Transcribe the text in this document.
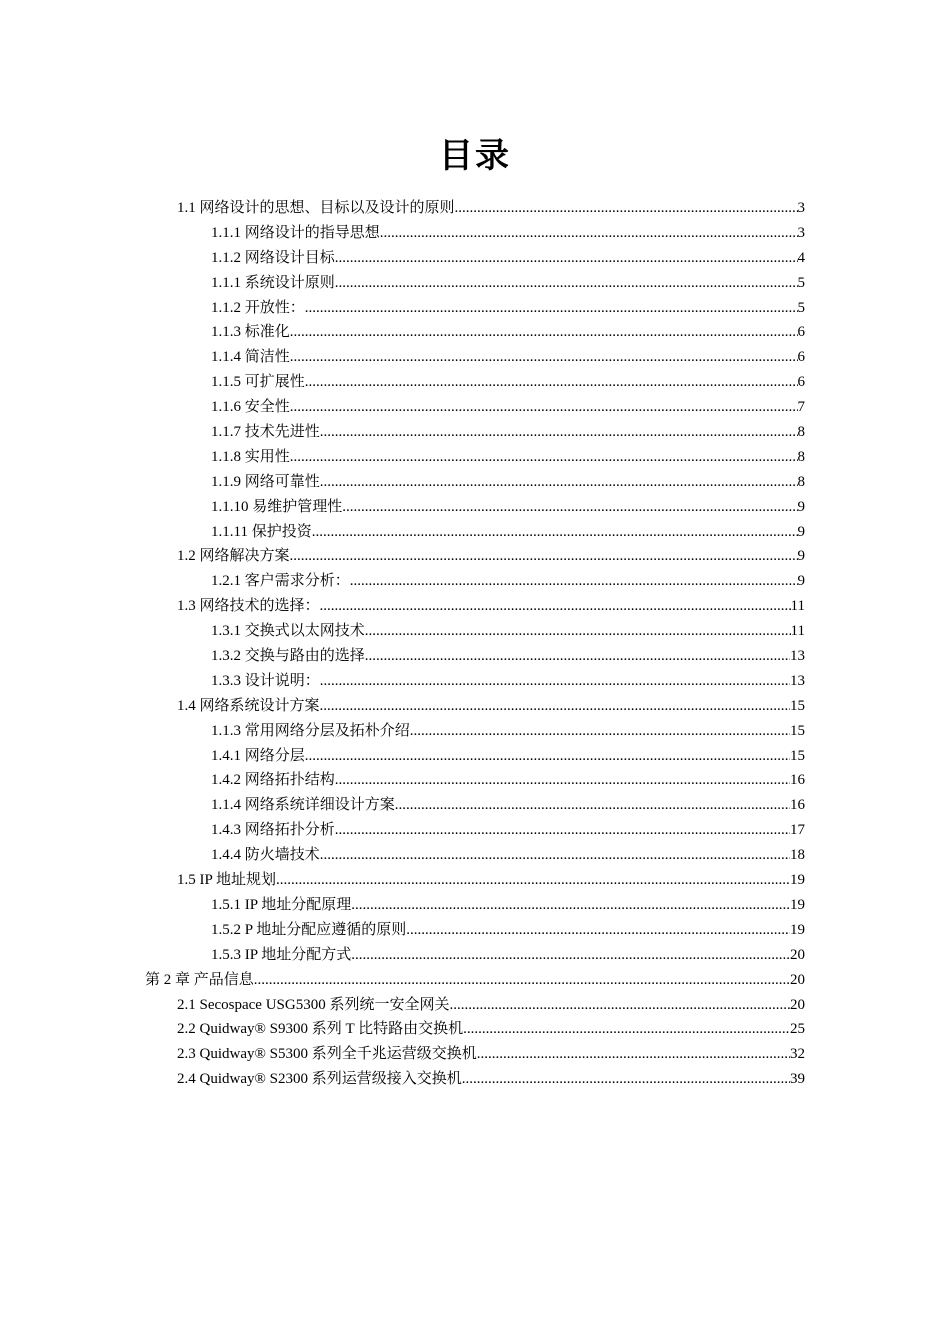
目录
1.1 网络设计的思想、目标以及设计的原则 .....	3
1.1.1 网络设计的指导思想 .....	3
1.1.2 网络设计目标 .....	4
1.1.1 系统设计原则 .....	5
1.1.2 开放性： .....	5
1.1.3 标准化 .....	6
1.1.4 简洁性 .....	6
1.1.5 可扩展性 .....	6
1.1.6 安全性 .....	7
1.1.7 技术先进性 .....	8
1.1.8 实用性 .....	8
1.1.9 网络可靠性 .....	8
1.1.10 易维护管理性 .....	9
1.1.11 保护投资 .....	9
1.2 网络解决方案 .....	9
1.2.1 客户需求分析： .....	9
1.3 网络技术的选择： .....	11
1.3.1 交换式以太网技术 .....	11
1.3.2 交换与路由的选择 .....	13
1.3.3 设计说明： .....	13
1.4 网络系统设计方案 .....	15
1.1.3 常用网络分层及拓朴介绍 .....	15
1.4.1 网络分层 .....	15
1.4.2 网络拓扑结构 .....	16
1.1.4 网络系统详细设计方案 .....	16
1.4.3 网络拓扑分析 .....	17
1.4.4 防火墙技术 .....	18
1.5 IP 地址规划 .....	19
1.5.1 IP 地址分配原理 .....	19
1.5.2 P 地址分配应遵循的原则 .....	19
1.5.3 IP 地址分配方式 .....	20
第 2 章 产品信息 .....	20
2.1 Secospace USG5300 系列统一安全网关 .....	20
2.2 Quidway® S9300 系列 T 比特路由交换机 .....	25
2.3 Quidway® S5300 系列全千兆运营级交换机 .....	32
2.4 Quidway® S2300 系列运营级接入交换机 .....	39
